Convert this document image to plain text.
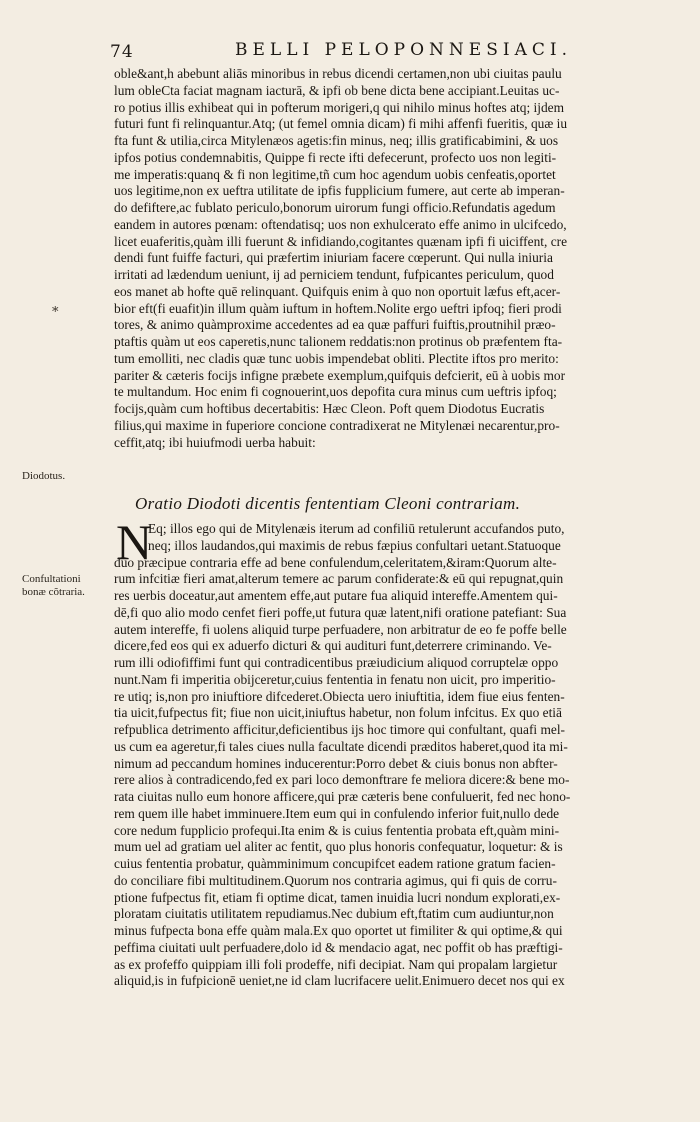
74	BELLI PELOPONNESIACI.
*
Diodotus.
Confultationi
bonæ cõtraria.
oble&ant,h abebunt aliās minoribus in rebus dicendi certamen,non ubi ciuitas paulu
lum obleCta faciat magnam iacturā, & ipfi ob bene dicta bene accipiant.Leuitas uc-
ro potius illis exhibeat qui in pofterum morigeri,q qui nihilo minus hoftes atq; ijdem
futuri funt fi relinquantur.Atq; (ut femel omnia dicam) fi mihi affenfi fueritis, quæ iu
fta funt & utilia,circa Mitylenæos agetis:fin minus, neq; illis gratificabimini, & uos
ipfos potius condemnabitis, Quippe fi recte ifti defecerunt, profecto uos non legiti-
me imperatis:quanq & fi non legitime,tñ cum hoc agendum uobis cenfeatis,oportet
uos legitime,non ex ueftra utilitate de ipfis fupplicium fumere, aut certe ab imperan-
do defiftere,ac fublato periculo,bonorum uirorum fungi officio.Refundatis agedum
eandem in autores pœnam: oftendatisq; uos non exhulcerato effe animo in ulcifcedo,
licet euaferitis,quàm illi fuerunt & infidiando,cogitantes quænam ipfi fi uiciffent, cre
dendi funt fuiffe facturi, qui præfertim iniuriam facere cœperunt. Qui nulla iniuria
irritati ad lædendum ueniunt, ij ad perniciem tendunt, fufpicantes periculum, quod
eos manet ab hofte quē relinquant. Quifquis enim à quo non oportuit læfus eft,acer-
bior eft(fi euafit)in illum quàm iuftum in hoftem.Nolite ergo ueftri ipfoq; fieri prodi
tores, & animo quàmproxime accedentes ad ea quæ paffuri fuiftis,proutnihil præo-
ptaftis quàm ut eos caperetis,nunc talionem reddatis:non protinus ob præfentem fta-
tum emolliti, nec cladis quæ tunc uobis impendebat obliti. Plectite iftos pro merito:
pariter & cæteris focijs infigne præbete exemplum,quifquis defcierit, eū à uobis mor
te multandum. Hoc enim fi cognouerint,uos depofita cura minus cum ueftris ipfoq;
focijs,quàm cum hoftibus decertabitis: Hæc Cleon. Poft quem Diodotus Eucratis
filius,qui maxime in fuperiore concione contradixerat ne Mitylenæi necarentur,pro-
ceffit,atq; ibi huiufmodi uerba habuit:
Oratio Diodoti dicentis fententiam Cleoni contrariam.
N
Eq; illos ego qui de Mitylenæis iterum ad confiliū retulerunt accufandos puto,
neq; illos laudandos,qui maximis de rebus fæpius confultari uetant.Statuoque
duo præcipue contraria effe ad bene confulendum,celeritatem,&iram:Quorum alte-
rum infcitiæ fieri amat,alterum temere ac parum confiderate:& eū qui repugnat,quin
res uerbis doceatur,aut amentem effe,aut putare fua aliquid intereffe.Amentem qui-
dē,fi quo alio modo cenfet fieri poffe,ut futura quæ latent,nifi oratione patefiant: Sua
autem intereffe, fi uolens aliquid turpe perfuadere, non arbitratur de eo fe poffe belle
dicere,fed eos qui ex aduerfo dicturi & qui audituri funt,deterrere criminando. Ve-
rum illi odiofiffimi funt qui contradicentibus præiudicium aliquod corruptelæ oppo
nunt.Nam fi imperitia obijceretur,cuius fententia in fenatu non uicit, pro imperitio-
re utiq; is,non pro iniuftiore difcederet.Obiecta uero iniuftitia, idem fiue eius fenten-
tia uicit,fufpectus fit; fiue non uicit,iniuftus habetur, non folum infcitus. Ex quo etiā
refpublica detrimento afficitur,deficientibus ijs hoc timore qui confultant, quafi mel-
us cum ea ageretur,fi tales ciues nulla facultate dicendi præditos haberet,quod ita mi-
nimum ad peccandum homines inducerentur:Porro debet & ciuis bonus non abfter-
rere alios à contradicendo,fed ex pari loco demonftrare fe meliora dicere:& bene mo-
rata ciuitas nullo eum honore afficere,qui præ cæteris bene confuluerit, fed nec hono-
rem quem ille habet imminuere.Item eum qui in confulendo inferior fuit,nullo dede
core nedum fupplicio profequi.Ita enim & is cuius fententia probata eft,quàm mini-
mum uel ad gratiam uel aliter ac fentit, quo plus honoris confequatur, loquetur: & is
cuius fententia probatur, quàmminimum concupifcet eadem ratione gratum facien-
do conciliare fibi multitudinem.Quorum nos contraria agimus, qui fi quis de corru-
ptione fufpectus fit, etiam fi optime dicat, tamen inuidia lucri nondum explorati,ex-
ploratam ciuitatis utilitatem repudiamus.Nec dubium eft,ftatim cum audiuntur,non
minus fufpecta bona effe quàm mala.Ex quo oportet ut fimiliter & qui optime,& qui
peffima ciuitati uult perfuadere,dolo id & mendacio agat, nec poffit ob has præftigi-
as ex profeffo quippiam illi foli prodeffe, nifi decipiat. Nam qui propalam largietur
aliquid,is in fufpicionē ueniet,ne id clam lucrifacere uelit.Enimuero decet nos qui ex
